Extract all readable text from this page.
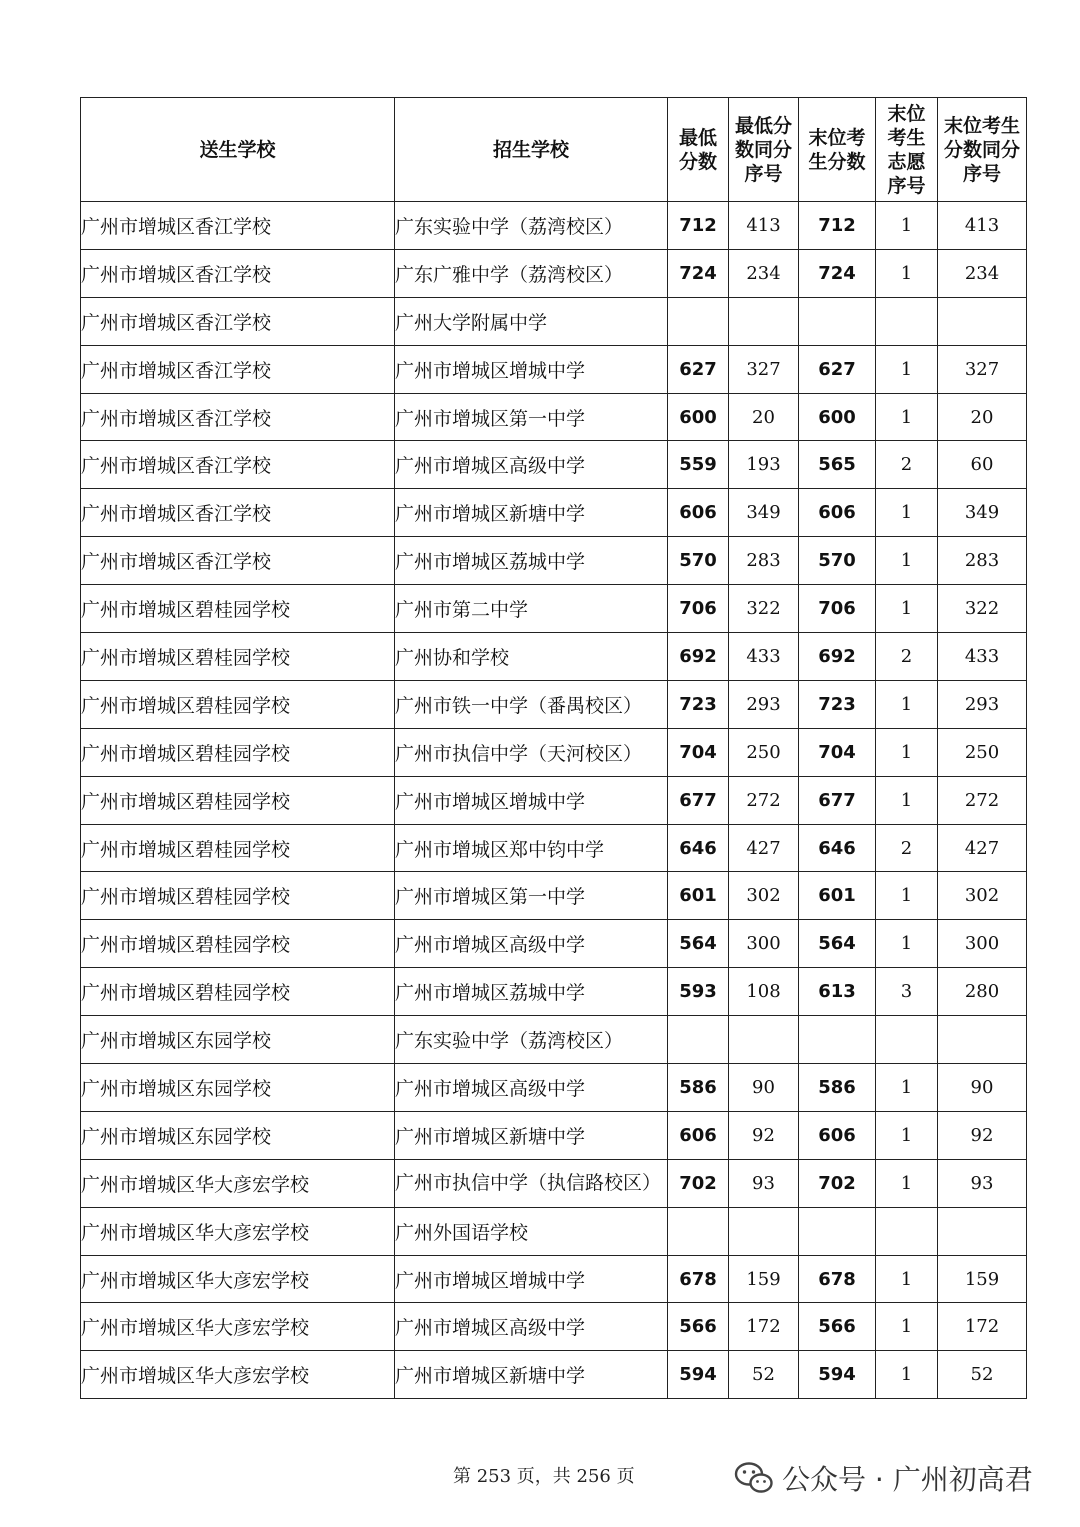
送生学校	招生学校	最低分数	最低分数同分序号	末位考生分数	末位考生志愿序号	末位考生分数同分序号

广州市增城区香江学校	广东实验中学（荔湾校区）	712	413	712	1	413
广州市增城区香江学校	广东广雅中学（荔湾校区）	724	234	724	1	234
广州市增城区香江学校	广州大学附属中学					
广州市增城区香江学校	广州市增城区增城中学	627	327	627	1	327
广州市增城区香江学校	广州市增城区第一中学	600	20	600	1	20
广州市增城区香江学校	广州市增城区高级中学	559	193	565	2	60
广州市增城区香江学校	广州市增城区新塘中学	606	349	606	1	349
广州市增城区香江学校	广州市增城区荔城中学	570	283	570	1	283
广州市增城区碧桂园学校	广州市第二中学	706	322	706	1	322
广州市增城区碧桂园学校	广州协和学校	692	433	692	2	433
广州市增城区碧桂园学校	广州市铁一中学（番禺校区）	723	293	723	1	293
广州市增城区碧桂园学校	广州市执信中学（天河校区）	704	250	704	1	250
广州市增城区碧桂园学校	广州市增城区增城中学	677	272	677	1	272
广州市增城区碧桂园学校	广州市增城区郑中钧中学	646	427	646	2	427
广州市增城区碧桂园学校	广州市增城区第一中学	601	302	601	1	302
广州市增城区碧桂园学校	广州市增城区高级中学	564	300	564	1	300
广州市增城区碧桂园学校	广州市增城区荔城中学	593	108	613	3	280
广州市增城区东园学校	广东实验中学（荔湾校区）					
广州市增城区东园学校	广州市增城区高级中学	586	90	586	1	90
广州市增城区东园学校	广州市增城区新塘中学	606	92	606	1	92
广州市增城区华大彦宏学校	广州市执信中学（执信路校区）	702	93	702	1	93
广州市增城区华大彦宏学校	广州外国语学校					
广州市增城区华大彦宏学校	广州市增城区增城中学	678	159	678	1	159
广州市增城区华大彦宏学校	广州市增城区高级中学	566	172	566	1	172
广州市增城区华大彦宏学校	广州市增城区新塘中学	594	52	594	1	52
第 253 页，共 256 页	公众号 · 广州初高君
